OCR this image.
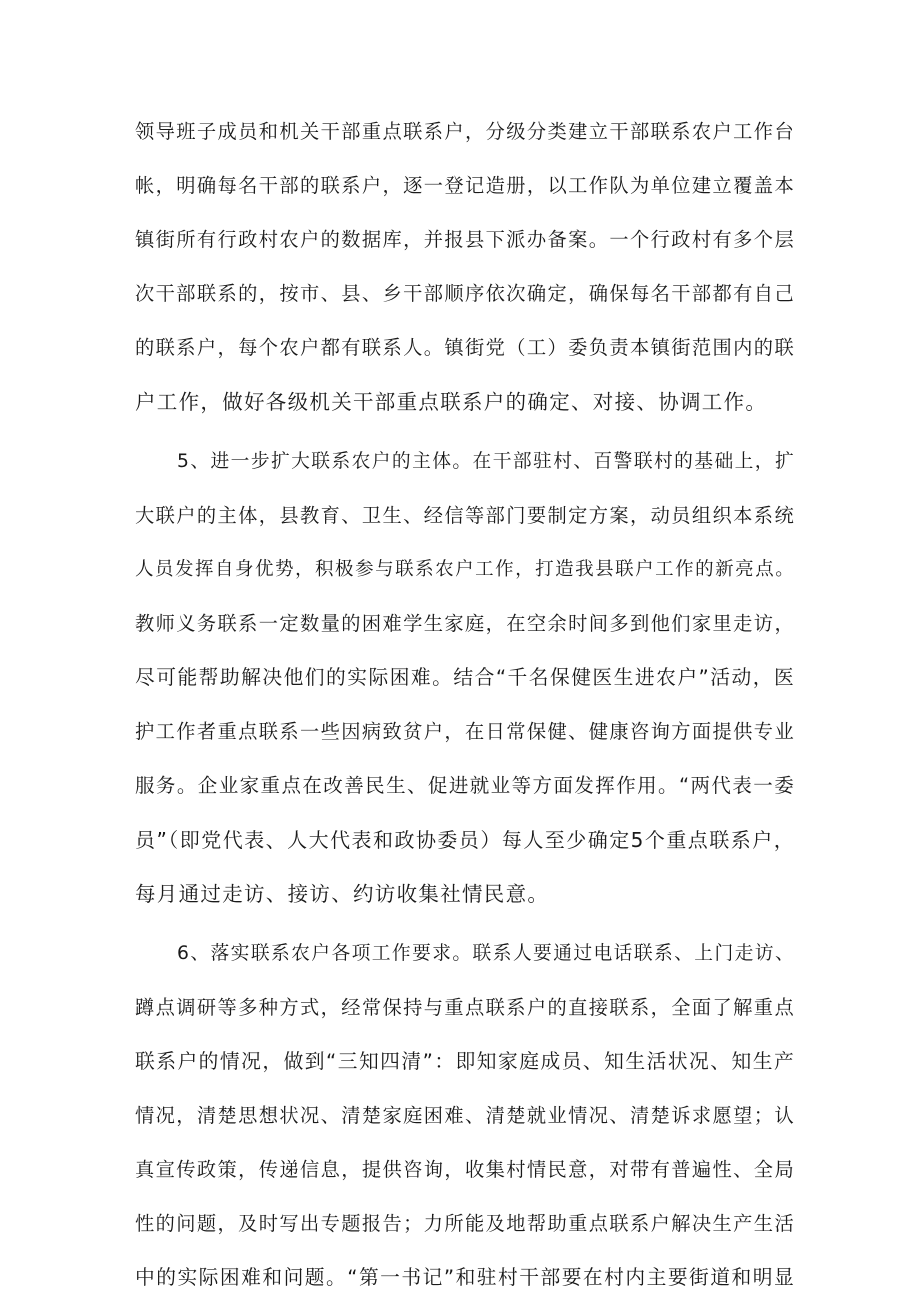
领导班子成员和机关干部重点联系户，分级分类建立干部联系农户工作台
帐，明确每名干部的联系户，逐一登记造册，以工作队为单位建立覆盖本
镇街所有行政村农户的数据库，并报县下派办备案。一个行政村有多个层
次干部联系的，按市、县、乡干部顺序依次确定，确保每名干部都有自己
的联系户，每个农户都有联系人。镇街党（工）委负责本镇街范围内的联
户工作，做好各级机关干部重点联系户的确定、对接、协调工作。
5、进一步扩大联系农户的主体。在干部驻村、百警联村的基础上，扩
大联户的主体，县教育、卫生、经信等部门要制定方案，动员组织本系统
人员发挥自身优势，积极参与联系农户工作，打造我县联户工作的新亮点。
教师义务联系一定数量的困难学生家庭，在空余时间多到他们家里走访，
尽可能帮助解决他们的实际困难。结合“千名保健医生进农户”活动，医
护工作者重点联系一些因病致贫户，在日常保健、健康咨询方面提供专业
服务。企业家重点在改善民生、促进就业等方面发挥作用。“两代表一委
员”（即党代表、人大代表和政协委员）每人至少确定5个重点联系户，
每月通过走访、接访、约访收集社情民意。
6、落实联系农户各项工作要求。联系人要通过电话联系、上门走访、
蹲点调研等多种方式，经常保持与重点联系户的直接联系，全面了解重点
联系户的情况，做到“三知四清”：即知家庭成员、知生活状况、知生产
情况，清楚思想状况、清楚家庭困难、清楚就业情况、清楚诉求愿望；认
真宣传政策，传递信息，提供咨询，收集村情民意，对带有普遍性、全局
性的问题，及时写出专题报告；力所能及地帮助重点联系户解决生产生活
中的实际困难和问题。“第一书记”和驻村干部要在村内主要街道和明显
